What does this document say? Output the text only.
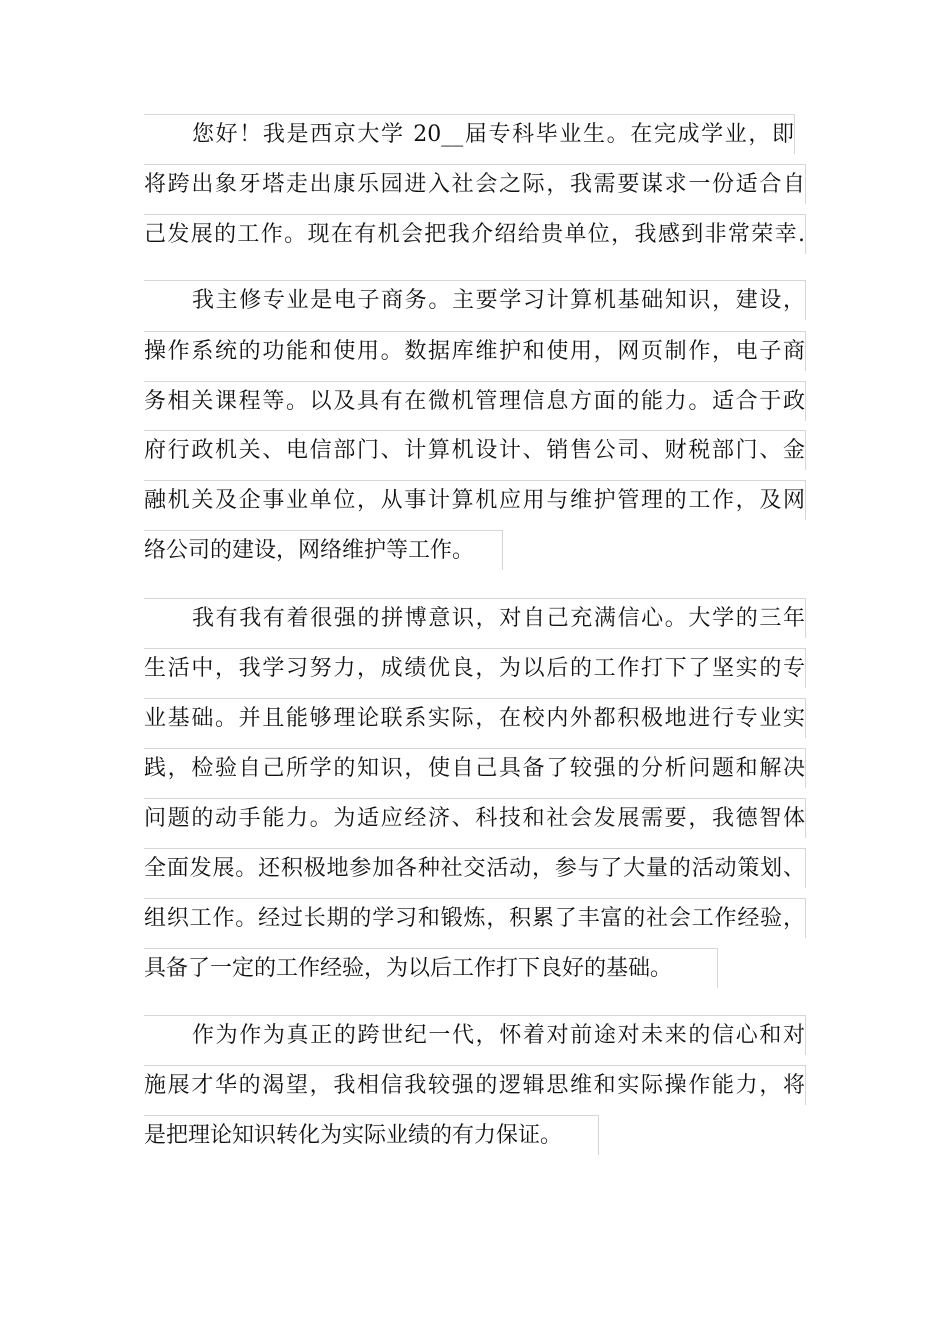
您好！我是西京大学 20__届专科毕业生。在完成学业，即
将跨出象牙塔走出康乐园进入社会之际，我需要谋求一份适合自
己发展的工作。现在有机会把我介绍给贵单位，我感到非常荣幸.
我主修专业是电子商务。主要学习计算机基础知识，建设，
操作系统的功能和使用。数据库维护和使用，网页制作，电子商
务相关课程等。以及具有在微机管理信息方面的能力。适合于政
府行政机关、电信部门、计算机设计、销售公司、财税部门、金
融机关及企事业单位，从事计算机应用与维护管理的工作，及网
络公司的建设，网络维护等工作。
我有我有着很强的拼博意识，对自己充满信心。大学的三年
生活中，我学习努力，成绩优良，为以后的工作打下了坚实的专
业基础。并且能够理论联系实际，在校内外都积极地进行专业实
践，检验自己所学的知识，使自己具备了较强的分析问题和解决
问题的动手能力。为适应经济、科技和社会发展需要，我德智体
全面发展。还积极地参加各种社交活动，参与了大量的活动策划、
组织工作。经过长期的学习和锻炼，积累了丰富的社会工作经验，
具备了一定的工作经验，为以后工作打下良好的基础。
作为作为真正的跨世纪一代，怀着对前途对未来的信心和对
施展才华的渴望，我相信我较强的逻辑思维和实际操作能力，将
是把理论知识转化为实际业绩的有力保证。
